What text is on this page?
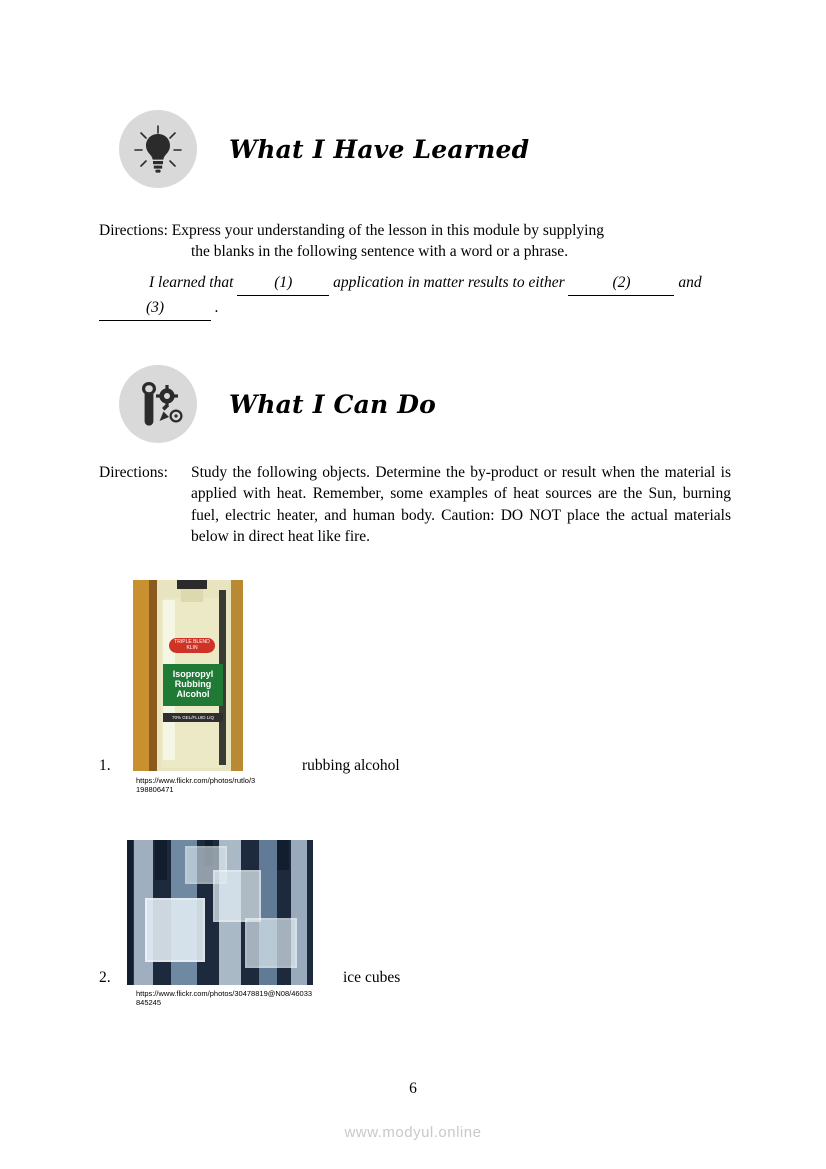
What I Have Learned

Directions: Express your understanding of the lesson in this module by supplying

the blanks in the following sentence with a word or a phrase.

I learned that	(1)	application in matter results to either	(2)	and (3)	.
What I Can Do
Directions: Study the following objects. Determine the by-product or result when the material is applied with heat. Remember, some examples of heat sources are the Sun, burning fuel, electric heater, and human body. Caution: DO NOT place the actual materials below in direct heat like fire.

TRIPLE BLEND KLIN
Isopropyl
Rubbing
Alcohol
70% GEL/FLUID LIQ
1.	rubbing alcohol
https://www.flickr.com/photos/rutlo/3198806471
2.	ice cubes
https://www.flickr.com/photos/30478819@N08/46033845245
6
www.modyul.online
